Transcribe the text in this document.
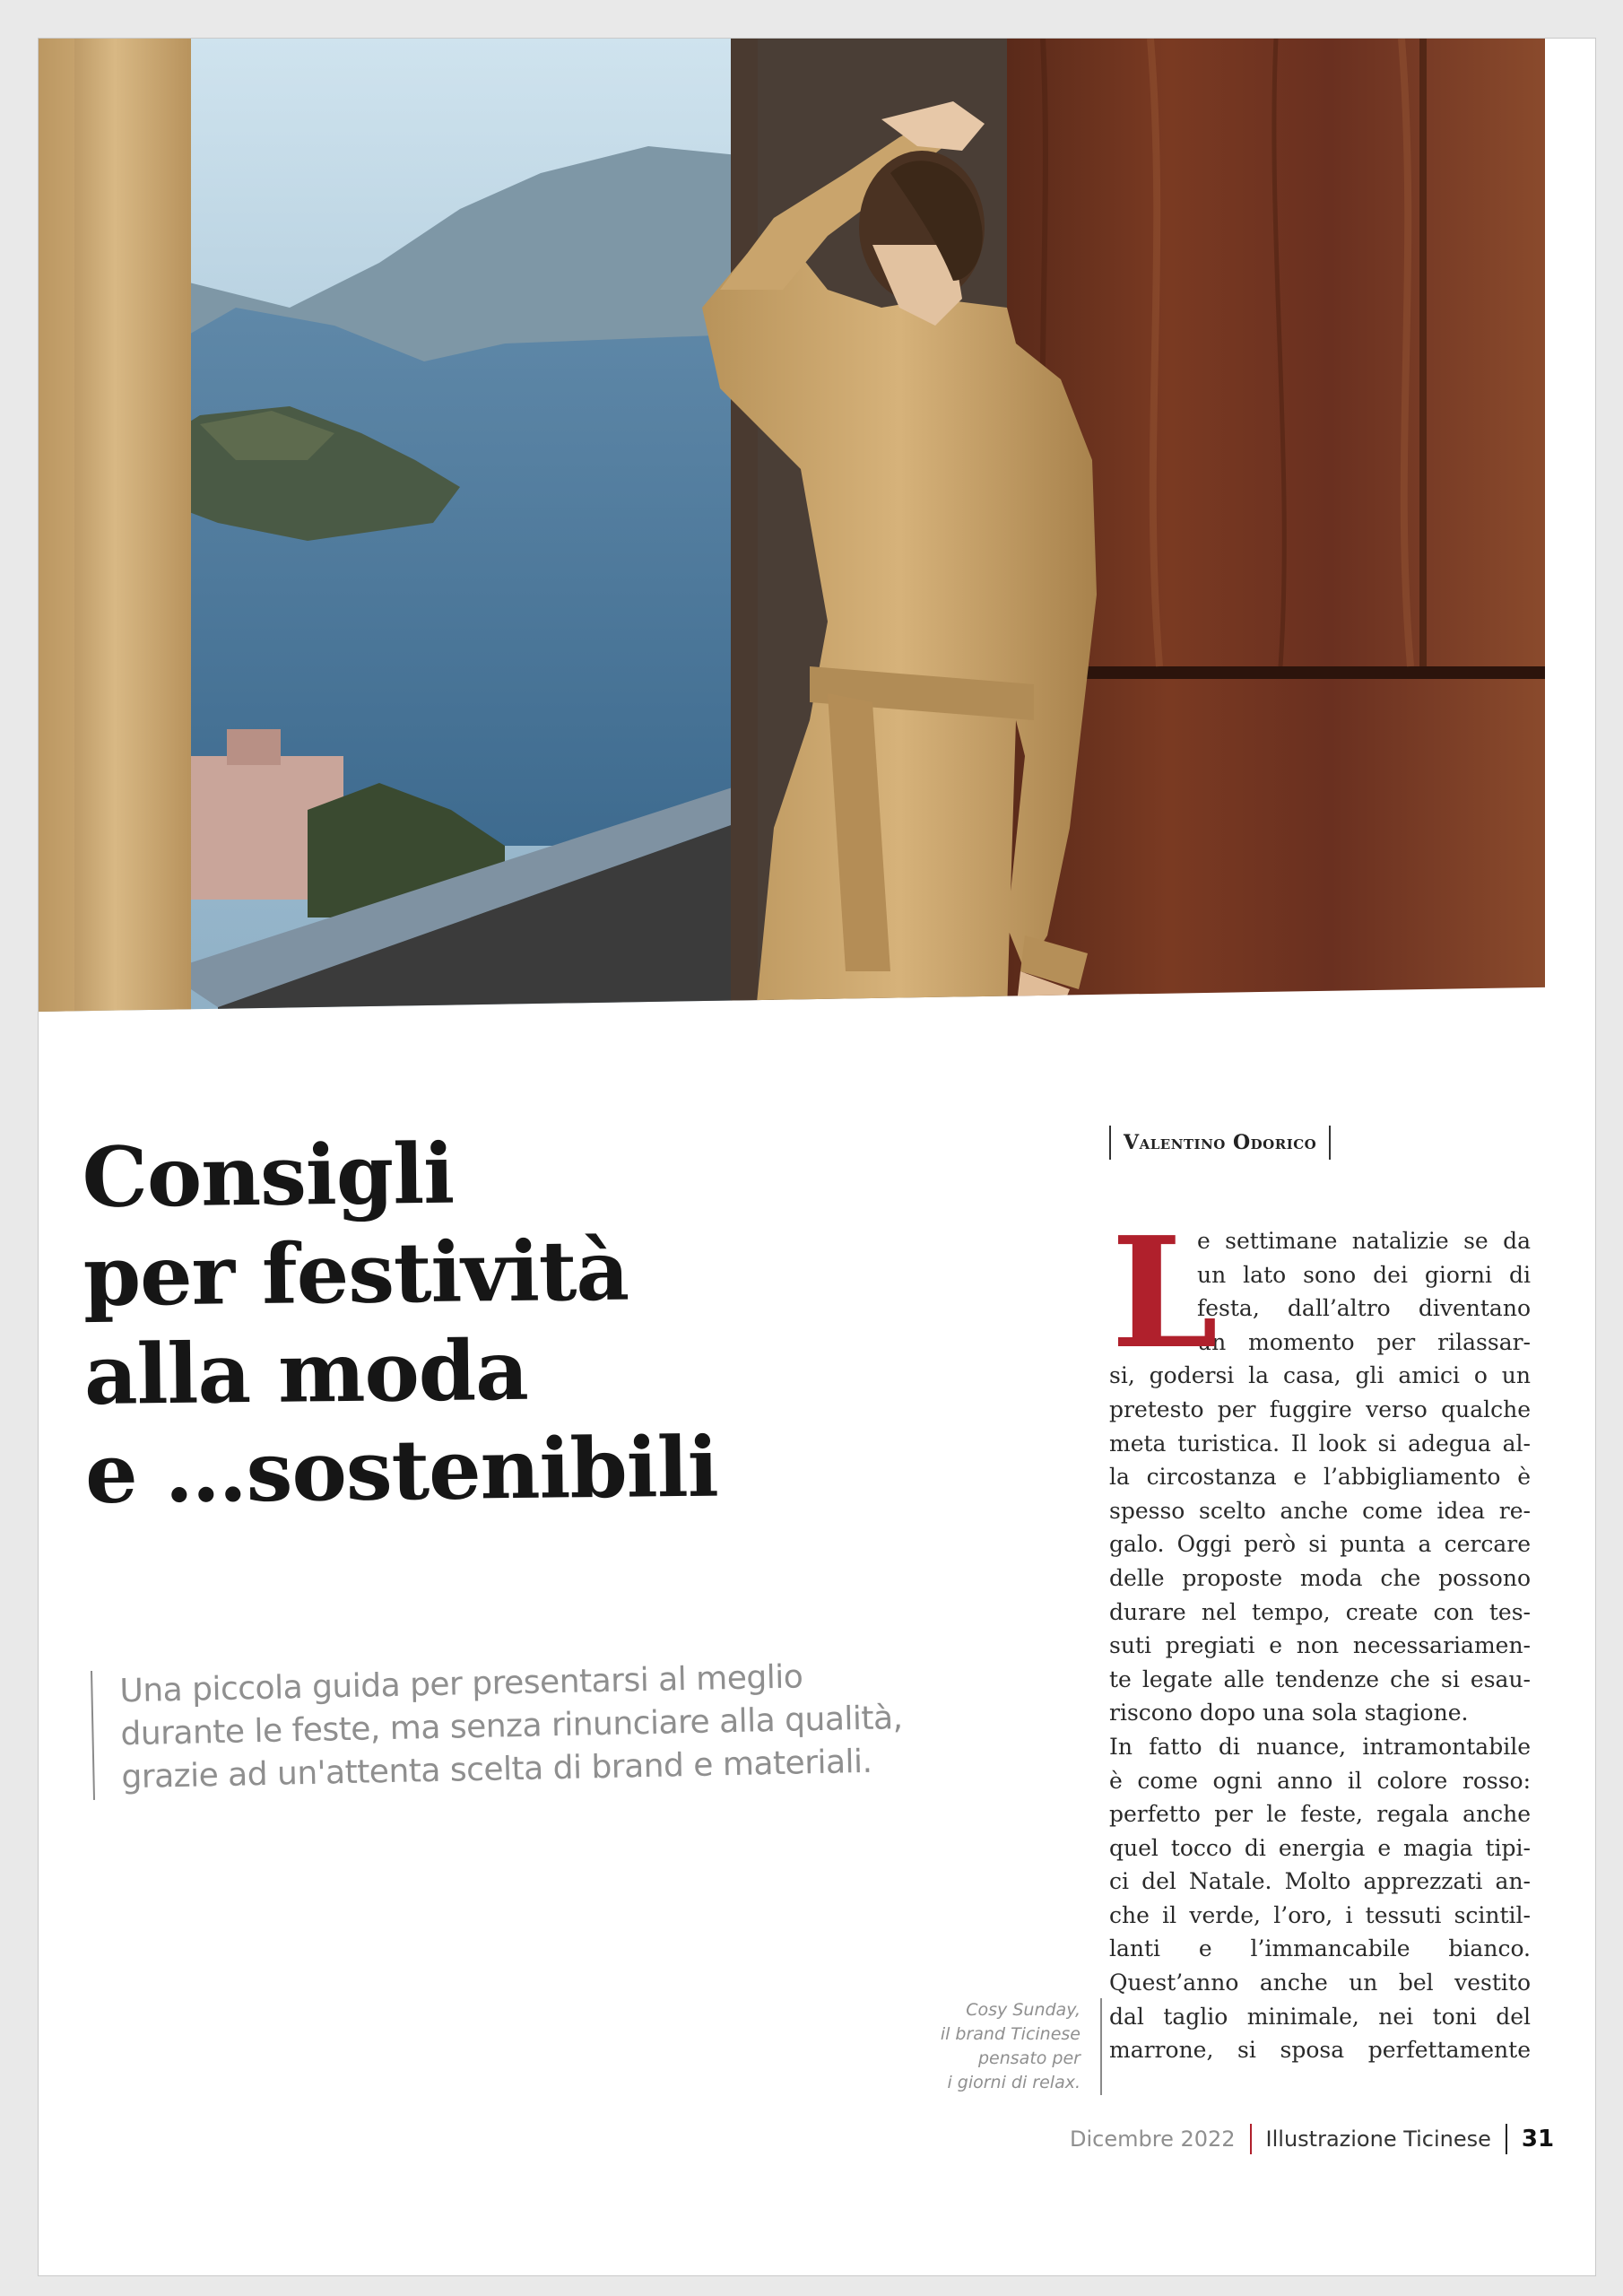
Consigli
per festività
alla moda
e …sostenibili
Una piccola guida per presentarsi al meglio
durante le feste, ma senza rinunciare alla qualità,
grazie ad un'attenta scelta di brand e materiali.
Cosy Sunday,
il brand Ticinese
pensato per
i giorni di relax.
Valentino Odorico
L
e settimane natalizie se da
un lato sono dei giorni di
festa, dall’altro diventano
un momento per rilassar-
si, godersi la casa, gli amici o un
pretesto per fuggire verso qualche
meta turistica. Il look si adegua al-
la circostanza e l’abbigliamento è
spesso scelto anche come idea re-
galo. Oggi però si punta a cercare
delle proposte moda che possono
durare nel tempo, create con tes-
suti pregiati e non necessariamen-
te legate alle tendenze che si esau-
riscono dopo una sola stagione.
In fatto di nuance, intramontabile
è come ogni anno il colore rosso:
perfetto per le feste, regala anche
quel tocco di energia e magia tipi-
ci del Natale. Molto apprezzati an-
che il verde, l’oro, i tessuti scintil-
lanti e l’immancabile bianco.
Quest’anno anche un bel vestito
dal taglio minimale, nei toni del
marrone, si sposa perfettamente
Dicembre 2022 Illustrazione Ticinese 31
